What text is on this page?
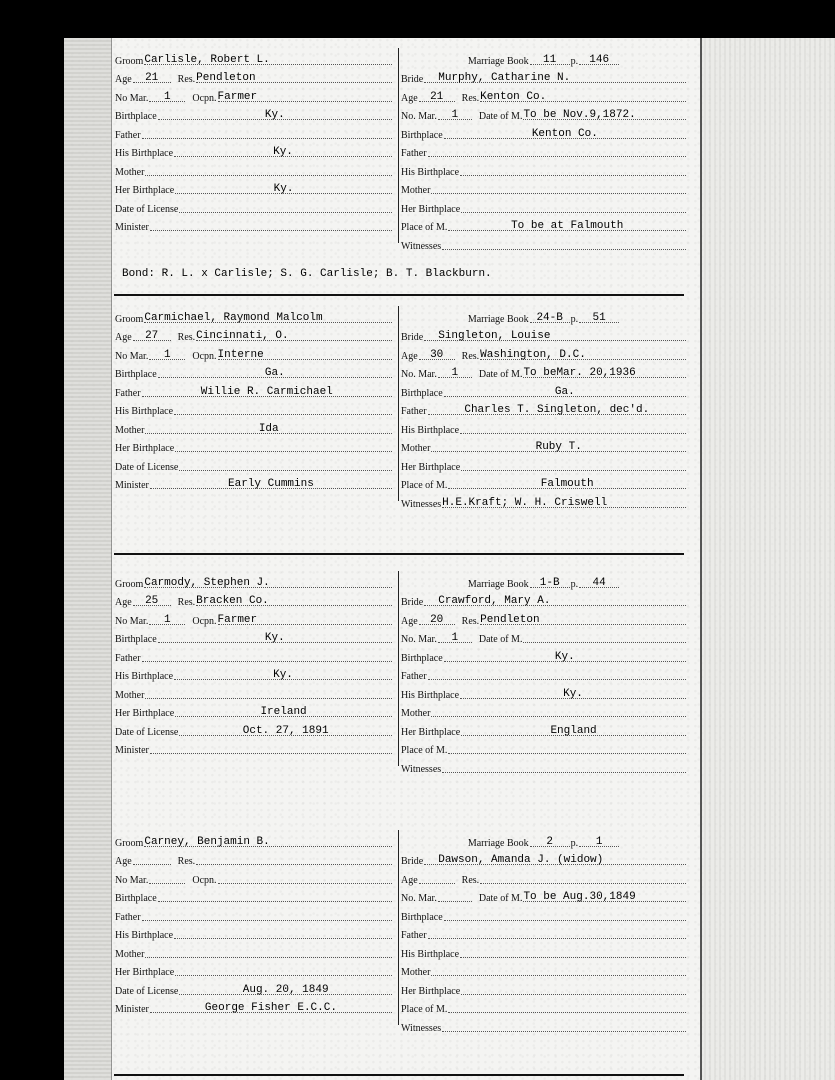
Groom Carlisle, Robert L.
Age 21 Res. Pendleton
No Mar. 1 Ocpn. Farmer
Birthplace	Ky.
Father
His Birthplace	Ky.
Mother
Her Birthplace	Ky.
Date of License
Minister
Marriage Book 11 p. 146
Bride Murphy, Catharine N.
Age 21 Res. Kenton Co.
No. Mar. 1 Date of M. To be Nov.9,1872.
Birthplace	Kenton Co.
Father
His Birthplace
Mother
Her Birthplace
Place of M.	To be at Falmouth
Witnesses
Bond: R. L. x Carlisle; S. G. Carlisle; B. T. Blackburn.
Groom Carmichael, Raymond Malcolm
Age 27 Res. Cincinnati, O.
No Mar. 1 Ocpn. Interne
Birthplace	Ga.
Father	Willie R. Carmichael
His Birthplace
Mother	Ida
Her Birthplace
Date of License
Minister	Early Cummins
Marriage Book 24-B p. 51
Bride Singleton, Louise
Age 30 Res. Washington, D.C.
No. Mar. 1 Date of M. To beMar. 20,1936
Birthplace	Ga.
Father	Charles T. Singleton, dec'd.
His Birthplace
Mother	Ruby T.
Her Birthplace
Place of M.	Falmouth
Witnesses H.E.Kraft; W. H. Criswell
Groom Carmody, Stephen J.
Age 25 Res. Bracken Co.
No Mar. 1 Ocpn. Farmer
Birthplace	Ky.
Father
His Birthplace	Ky.
Mother
Her Birthplace	Ireland
Date of License	Oct. 27, 1891
Minister
Marriage Book 1-B p. 44
Bride Crawford, Mary A.
Age 20 Res. Pendleton
No. Mar. 1 Date of M.
Birthplace	Ky.
Father
His Birthplace	Ky.
Mother
Her Birthplace	England
Place of M.
Witnesses
Groom Carney, Benjamin B.
Age	Res.
No Mar.	Ocpn.
Birthplace
Father
His Birthplace
Mother
Her Birthplace
Date of License	Aug. 20, 1849
Minister	George Fisher E.C.C.
Marriage Book 2 p. 1
Bride Dawson, Amanda J. (widow)
Age	Res.
No. Mar.	Date of M. To be Aug.30,1849
Birthplace
Father
His Birthplace
Mother
Her Birthplace
Place of M.
Witnesses
